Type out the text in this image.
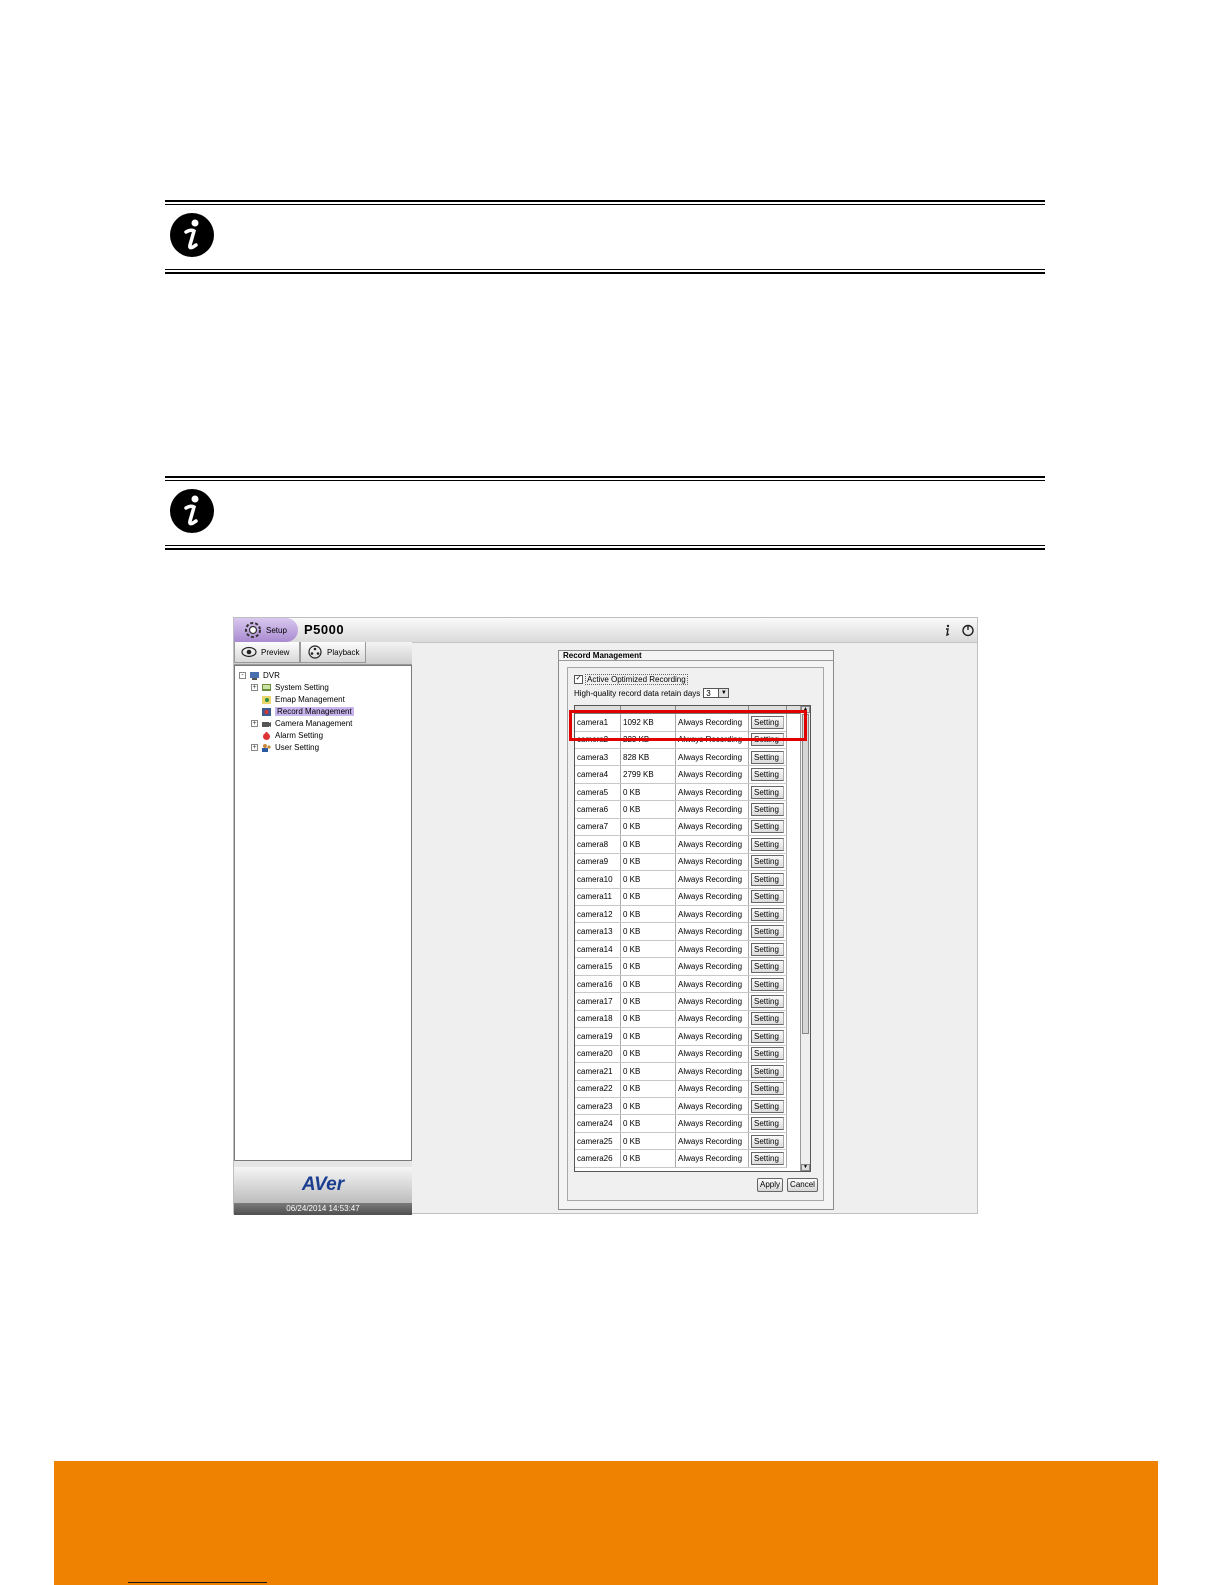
Setup P5000
Preview	Playback
- DVR
+ System Setting
Emap Management
Record Management
+ Camera Management
Alarm Setting
+ User Setting
AVer
06/24/2014 14:53:47
Record Management
✓ Active Optimized Recording
High-quality record data retain days 3	▼
camera1	1092 KB	Always Recording	Setting
camera2	223 KB	Always Recording	Setting
camera3	828 KB	Always Recording	Setting
camera4	2799 KB	Always Recording	Setting
camera5	0 KB	Always Recording	Setting
camera6	0 KB	Always Recording	Setting
camera7	0 KB	Always Recording	Setting
camera8	0 KB	Always Recording	Setting
camera9	0 KB	Always Recording	Setting
camera10	0 KB	Always Recording	Setting
camera11	0 KB	Always Recording	Setting
camera12	0 KB	Always Recording	Setting
camera13	0 KB	Always Recording	Setting
camera14	0 KB	Always Recording	Setting
camera15	0 KB	Always Recording	Setting
camera16	0 KB	Always Recording	Setting
camera17	0 KB	Always Recording	Setting
camera18	0 KB	Always Recording	Setting
camera19	0 KB	Always Recording	Setting
camera20	0 KB	Always Recording	Setting
camera21	0 KB	Always Recording	Setting
camera22	0 KB	Always Recording	Setting
camera23	0 KB	Always Recording	Setting
camera24	0 KB	Always Recording	Setting
camera25	0 KB	Always Recording	Setting
camera26	0 KB	Always Recording	Setting
▲
▼
Apply	Cancel
